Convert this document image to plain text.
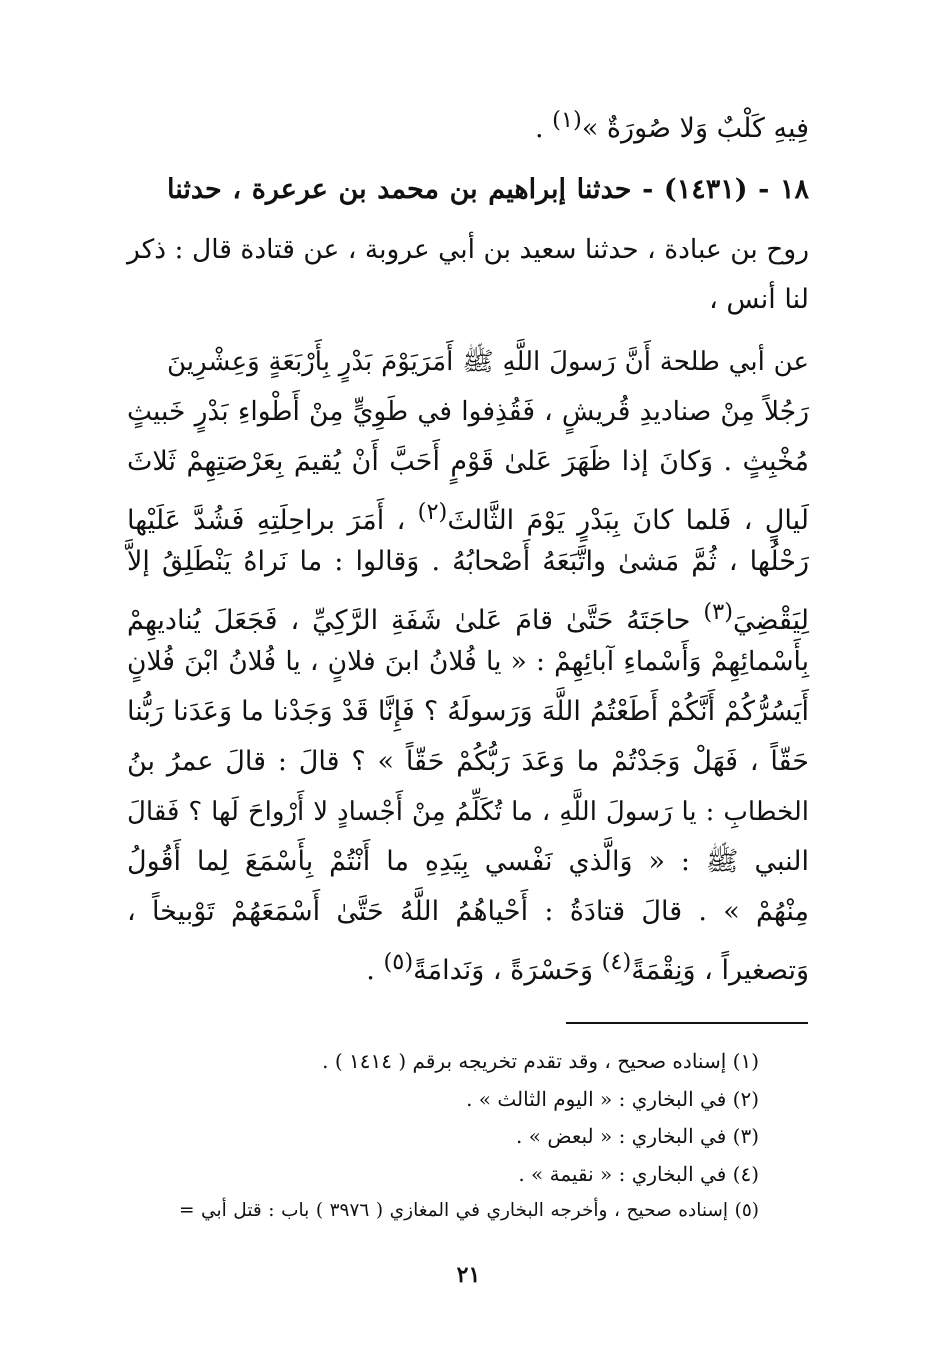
فِيهِ كَلْبٌ وَلا صُورَةٌ »$^{(١)}$ .
١٨ - (١٤٣١) - حدثنا إبراهيم بن محمد بن عرعرة ، حدثنا
روح بن عبادة ، حدثنا سعيد بن أبي عروبة ، عن قتادة قال : ذكر
لنا أنس ،
عن أبي طلحة أَنَّ رَسولَ اللَّهِ ﷺ أَمَرَيَوْمَ بَدْرٍ بِأَرْبَعَةٍ وَعِشْرِينَ
رَجُلاً مِنْ صناديدِ قُريشٍ ، فَقُذِفوا في طَوِيٍّ مِنْ أَطْواءِ بَدْرٍ خَبيثٍ
مُخْبِثٍ . وَكانَ إذا ظَهَرَ عَلىٰ قَوْمٍ أَحَبَّ أَنْ يُقيمَ بِعَرْصَتِهِمْ ثَلاثَ
لَيالٍ ، فَلما كانَ بِبَدْرٍ يَوْمَ الثَّالثَ$^{(٢)}$ ، أَمَرَ براحِلَتِهِ فَشُدَّ عَلَيْها
رَحْلُها ، ثُمَّ مَشىٰ واتَّبَعَهُ أَصْحابُهُ . وَقالوا : ما نَراهُ يَنْطَلِقُ إلاَّ
لِيَقْضِيَ$^{(٣)}$ حاجَتَهُ حَتَّىٰ قامَ عَلىٰ شَفَةِ الرَّكِيِّ ، فَجَعَلَ يُناديهِمْ
بِأَسْمائِهِمْ وَأَسْماءِ آبائِهِمْ : « يا فُلانُ ابنَ فلانٍ ، يا فُلانُ ابْنَ فُلانٍ
أَيَسُرُّكُمْ أَنَّكُمْ أَطَعْتُمُ اللَّهَ وَرَسولَهُ ؟ فَإِنَّا قَدْ وَجَدْنا ما وَعَدَنا رَبُّنا
حَقّاً ، فَهَلْ وَجَدْتُمْ ما وَعَدَ رَبُّكُمْ حَقّاً » ؟ قالَ : قالَ عمرُ بنُ
الخطابِ : يا رَسولَ اللَّهِ ، ما تُكَلِّمُ مِنْ أَجْسادٍ لا أَرْواحَ لَها ؟ فَقالَ
النبي ﷺ : « وَالَّذي نَفْسي بِيَدِهِ ما أَنْتُمْ بِأَسْمَعَ لِما أَقُولُ
مِنْهُمْ » . قالَ قتادَةُ : أَحْياهُمُ اللَّهُ حَتَّىٰ أَسْمَعَهُمْ تَوْبيخاً ،
وَتصغيراً ، وَنِقْمَةً$^{(٤)}$ وَحَسْرَةً ، وَنَدامَةً$^{(٥)}$ .
(١) إسناده صحيح ، وقد تقدم تخريجه برقم ( ١٤١٤ ) .
(٢) في البخاري : « اليوم الثالث » .
(٣) في البخاري : « لبعض » .
(٤) في البخاري : « نقيمة » .
(٥) إسناده صحيح ، وأخرجه البخاري في المغازي ( ٣٩٧٦ ) باب : قتل أبي =
٢١
